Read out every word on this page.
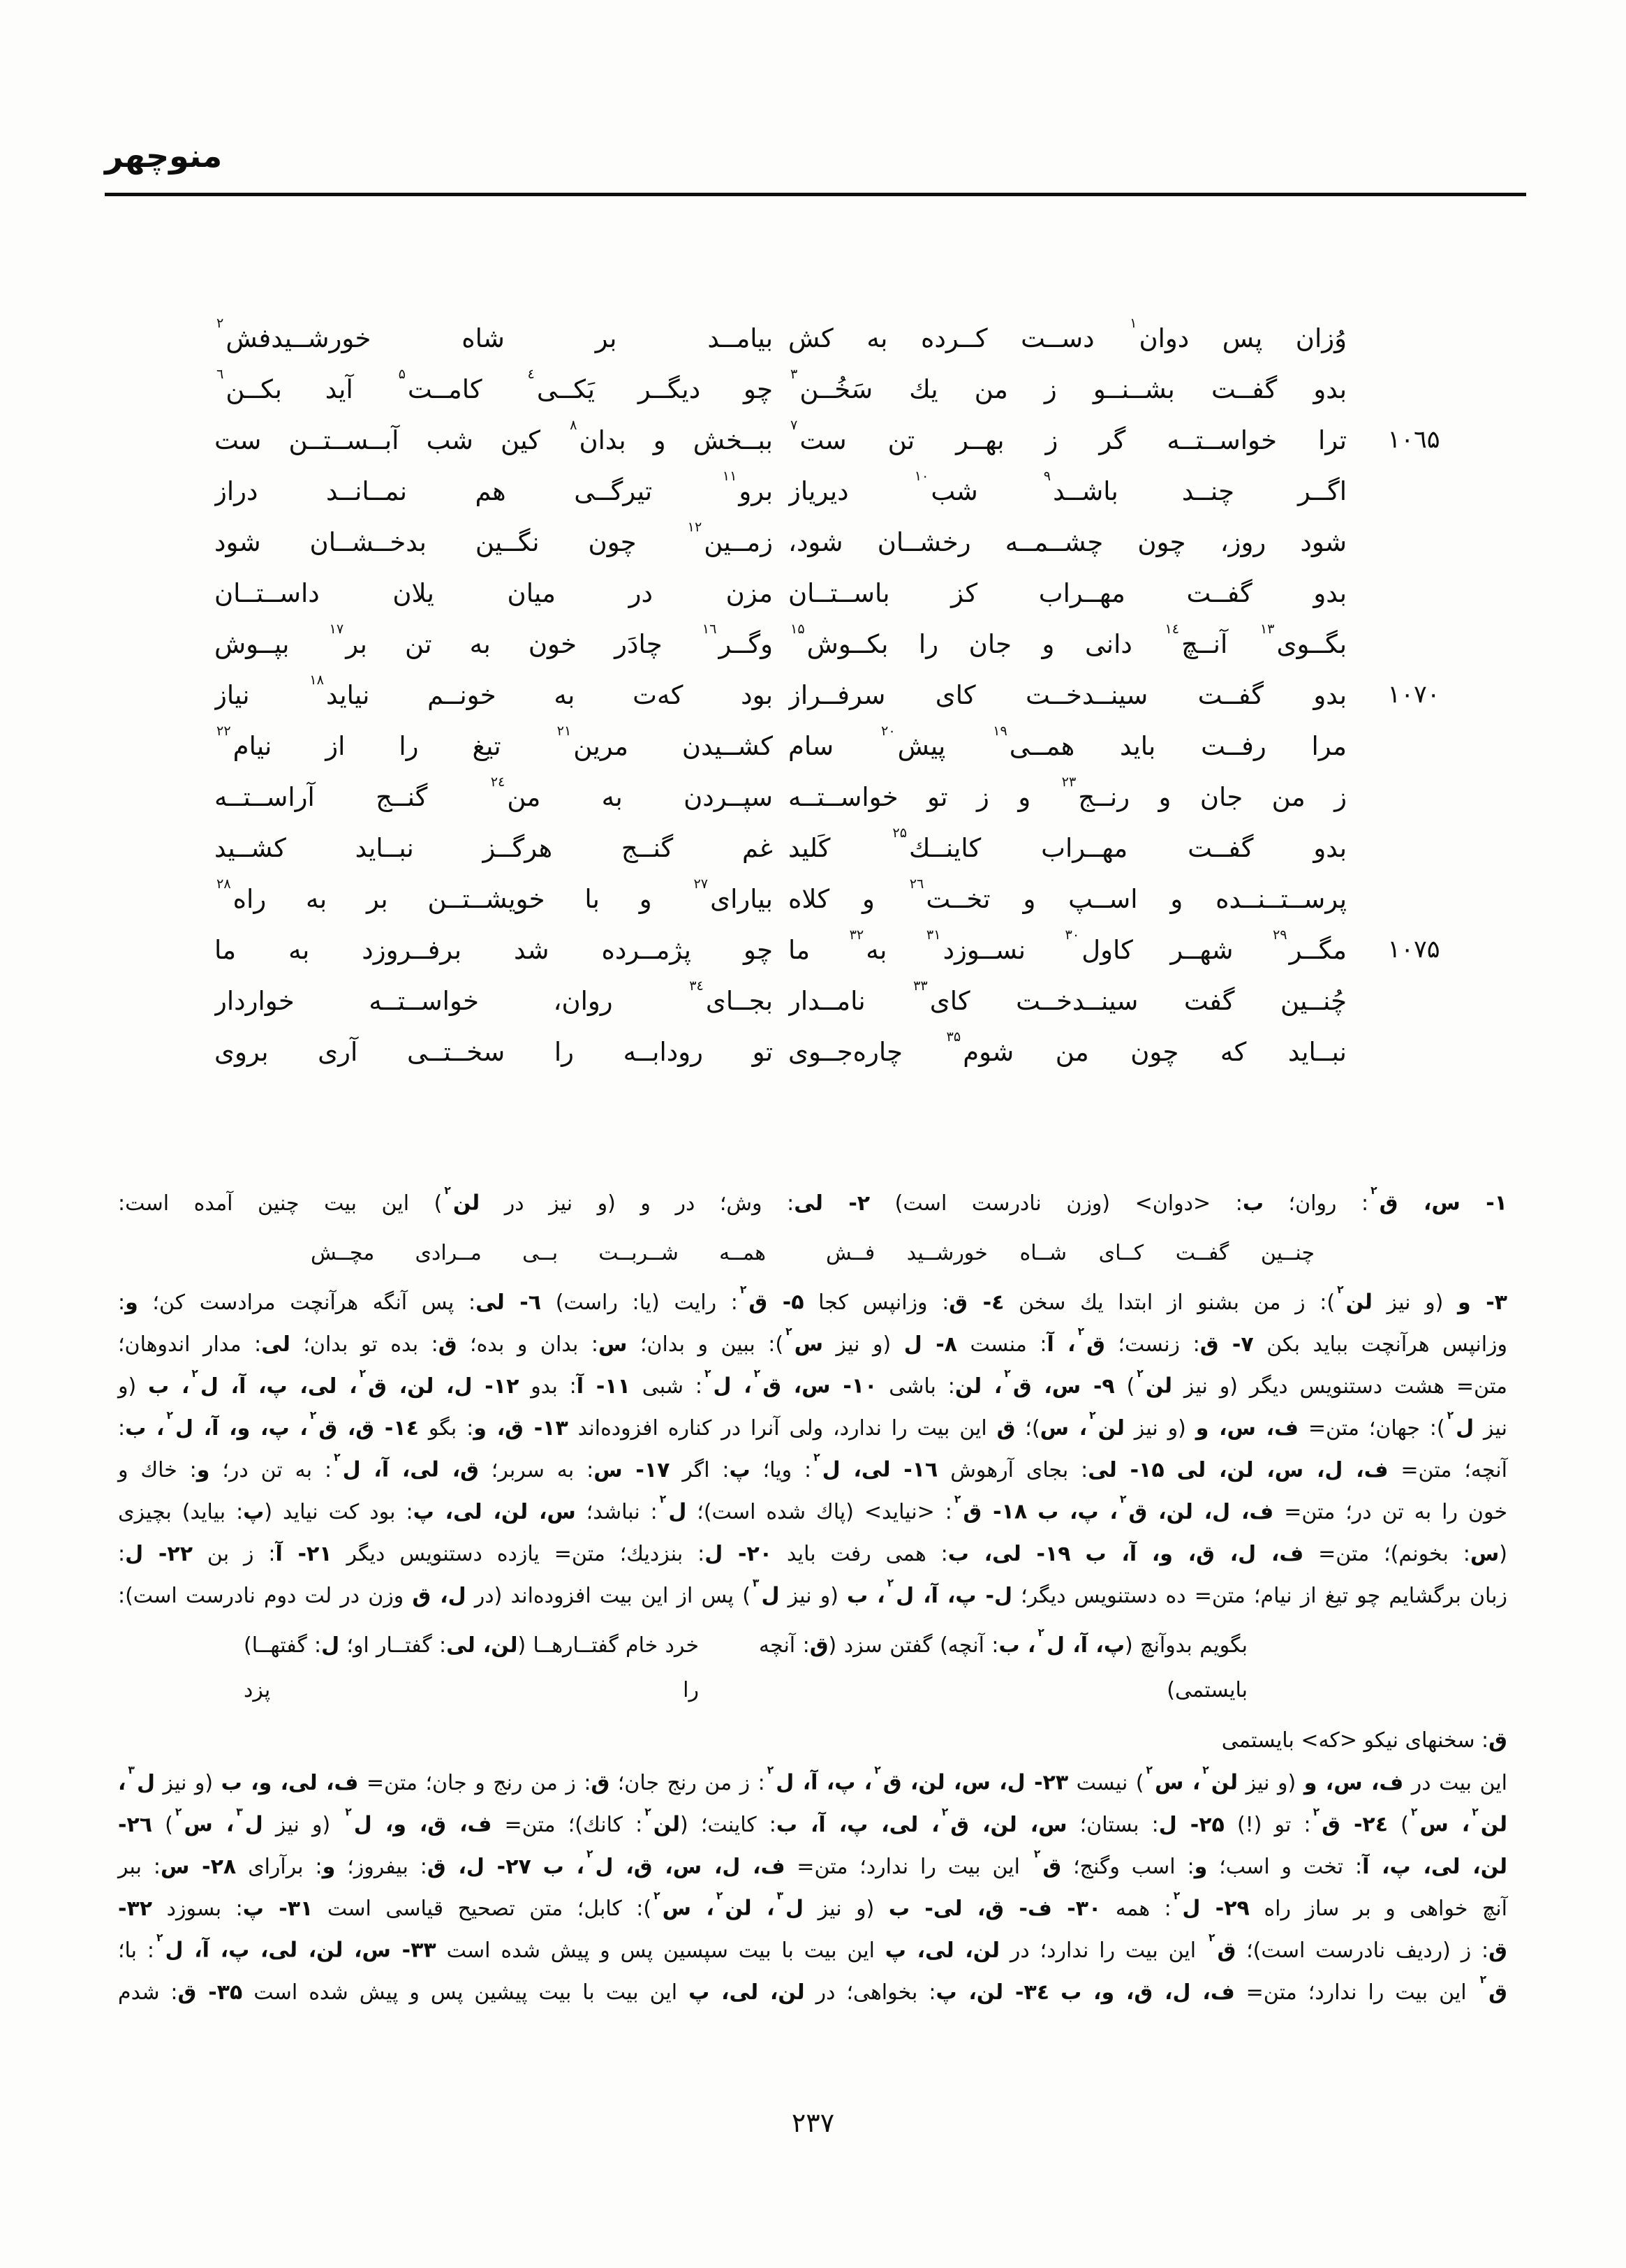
منوچهر
وُزان پس دوان$^١$ دســت كــرده به كش
بيامــد بر شاه خورشــيدفش$^٢$
بدو گفــت بشــنــو ز من يك سَخُــن$^٣$
چو ديگــر يَكــى$^٤$ كامــت$^۵$ آيد بكــن$^٦$
١٠٦۵
ترا خواســتــه گر ز بهــر تن ست$^٧$
ببــخش و بدان$^٨$ كين شب آبــســتــن ست
اگــر چنــد باشــد$^٩$ شب$^{١٠}$ ديرياز
برو$^{١١}$ تيرگــى هم نمــانــد دراز
شود روز، چون چشــمــه رخشــان شود،
زمــين$^{١٢}$ چون نگــين بدخــشــان شود
بدو گفــت مهــراب كز باســتــان
مزن در ميان يلان داســتــان
بگــوى$^{١٣}$ آنــچ$^{١٤}$ دانى و جان را بكــوش$^{١۵}$
وگــر$^{١٦}$ چادَر خون به تن بر$^{١٧}$ بپــوش
١٠٧٠
بدو گفــت سينــدخــت كاى سرفــراز
بود كه‌ت به خونــم نيايد$^{١٨}$ نياز
مرا رفــت بايد همــى$^{١٩}$ پيش$^{٢٠}$ سام
كشــيدن مرين$^{٢١}$ تيغ را از نيام$^{٢٢}$
ز من جان و رنــج$^{٢٣}$ و ز تو خواســتــه
سپــردن به من$^{٢٤}$ گنــج آراســتــه
بدو گفــت مهــراب كاينــك$^{٢۵}$ كَليد
غم گنــج هرگــز نبــايد كشــيد
پرســتــنــده و اســپ و تخــت$^{٢٦}$ و كلاه
بياراى$^{٢٧}$ و با خويشــتــن بر به راه$^{٢٨}$
١٠٧۵
مگــر$^{٢٩}$ شهــر كاول$^{٣٠}$ نســوزد$^{٣١}$ به$^{٣٢}$ ما
چو پژمــرده شد برفــروزد به ما
چُنــين گفت سينــدخــت كاى$^{٣٣}$ نامــدار
بجــاى$^{٣٤}$ روان، خواســتــه خواردار
نبــايد كه چون من شوم$^{٣۵}$ چاره‌جــوى
تو رودابــه را سخــتــى آرى بروى
١- س، ق$^٢$: روان؛ ب: <دوان> (وزن نادرست است) ٢- لى: وش؛ در و (و نيز در لن$^٢$) اين بيت چنين آمده است:
چنــين گفــت كــاى شــاه خورشــيد فــش
همــه شــربــت بــى مــرادى مچــش
٣- و (و نيز لن$^٢$): ز من بشنو از ابتدا يك سخن ٤- ق: وزانپس كجا ۵- ق$^٢$: رايت (يا: راست) ٦- لى: پس آنگه هرآنچت مرادست كن؛ و:
وزانپس هرآنچت ببايد بكن ٧- ق: زنست؛ ق$^٢$، آ: منست ٨- ل (و نيز س$^٢$): ببين و بدان؛ س: بدان و بده؛ ق: بده تو بدان؛ لى: مدار اندوهان؛
متن= هشت دستنويس ديگر (و نيز لن$^٢$) ٩- س، ق$^٢$، لن: باشى ١٠- س، ق$^٢$، ل$^٢$: شبى ١١- آ: بدو ١٢- ل، لن، ق$^٢$، لى، پ، آ، ل$^٢$، ب (و
نيز ل$^٢$): جهان؛ متن= ف، س، و (و نيز لن$^٢$، س)؛ ق اين بيت را ندارد، ولى آنرا در كناره افزوده‌اند ١٣- ق، و: بگو ١٤- ق، ق$^٢$، پ، و، آ، ل$^٢$، ب:
آنچه؛ متن= ف، ل، س، لن، لى ١۵- لى: بجاى آرهوش ١٦- لى، ل$^٢$: ويا؛ پ: اگر ١٧- س: به سربر؛ ق، لى، آ، ل$^٢$: به تن در؛ و: خاك و
خون را به تن در؛ متن= ف، ل، لن، ق$^٢$، پ، ب ١٨- ق$^٢$: <نيايد> (پاك شده است)؛ ل$^٢$: نباشد؛ س، لن، لى، پ: بود كت نيايد (پ: بيايد) بچيزى
(س: بخونم)؛ متن= ف، ل، ق، و، آ، ب ١٩- لى، ب: همى رفت بايد ٢٠- ل: بنزديك؛ متن= يازده دستنويس ديگر ٢١- آ: ز بن ٢٢- ل:
زبان برگشايم چو تيغ از نيام؛ متن= ده دستنويس ديگر؛ ل- پ، آ، ل$^٢$، ب (و نيز ل$^٣$) پس از اين بيت افزوده‌اند (در ل، ق وزن در لت دوم نادرست است):
بگويم بدوآنچ (پ، آ، ل$^٢$، ب: آنچه) گفتن سزد (ق: آنچه بايستمى)
خرد خام گفتــارهــا (لن، لى: گفتــار او؛ ل: گفتهــا) را پزد
ق: سخنهاى نيكو <كه> بايستمى
اين بيت در ف، س، و (و نيز لن$^٢$، س$^٢$) نيست ٢٣- ل، س، لن، ق$^٢$، پ، آ، ل$^٢$: ز من رنج جان؛ ق: ز من رنج و جان؛ متن= ف، لى، و، ب (و نيز ل$^٣$،
لن$^٢$، س$^٢$) ٢٤- ق$^٢$: تو (!) ٢۵- ل: بستان؛ س، لن، ق$^٢$، لى، پ، آ، ب: كاينت؛ (لن$^٢$: كانك)؛ متن= ف، ق، و، ل$^٢$ (و نيز ل$^٣$، س$^٢$) ٢٦-
لن، لى، پ، آ: تخت و اسب؛ و: اسب وگنج؛ ق$^٢$ اين بيت را ندارد؛ متن= ف، ل، س، ق، ل$^٢$، ب ٢٧- ل، ق: بيفروز؛ و: برآراى ٢٨- س: ببر
آنچ خواهى و بر ساز راه ٢٩- ل$^٢$: همه ٣٠- ف- ق، لى- ب (و نيز ل$^٣$، لن$^٢$، س$^٢$): كابل؛ متن تصحيح قياسى است ٣١- پ: بسوزد ٣٢-
ق: ز (رديف نادرست است)؛ ق$^٢$ اين بيت را ندارد؛ در لن، لى، پ اين بيت با بيت سپسين پس و پيش شده است ٣٣- س، لن، لى، پ، آ، ل$^٢$: با؛
ق$^٢$ اين بيت را ندارد؛ متن= ف، ل، ق، و، ب ٣٤- لن، پ: بخواهى؛ در لن، لى، پ اين بيت با بيت پيشين پس و پيش شده است ٣۵- ق: شدم
٢٣٧
